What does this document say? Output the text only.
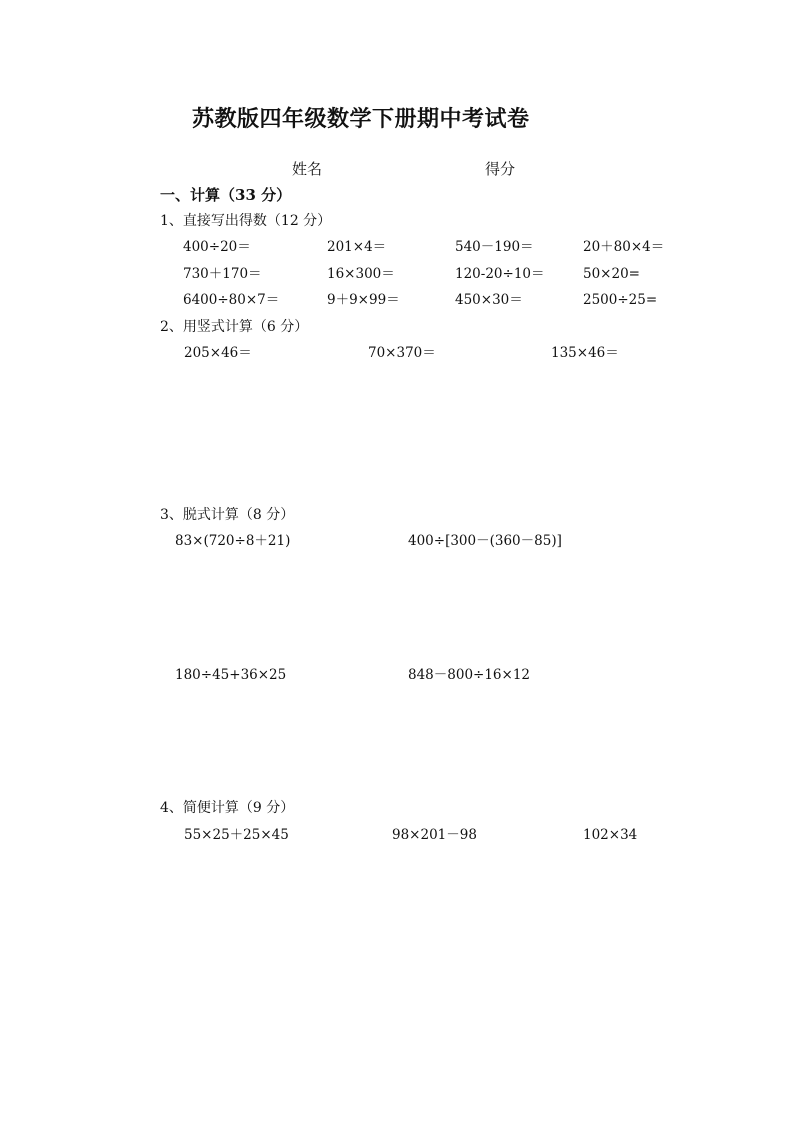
苏教版四年级数学下册期中考试卷
姓名	得分
一、计算（33 分）
1、直接写出得数（12 分）
400÷20＝	201×4＝	540－190＝	20＋80×4＝
730＋170＝	16×300＝	120-20÷10＝	50×20=
6400÷80×7＝	9＋9×99＝	450×30＝	2500÷25=
2、用竖式计算（6 分）
205×46＝	70×370＝	135×46＝
3、脱式计算（8 分）
83×(720÷8＋21)	400÷[300－(360－85)]
180÷45+36×25	848－800÷16×12
4、简便计算（9 分）
55×25＋25×45	98×201－98	102×34
